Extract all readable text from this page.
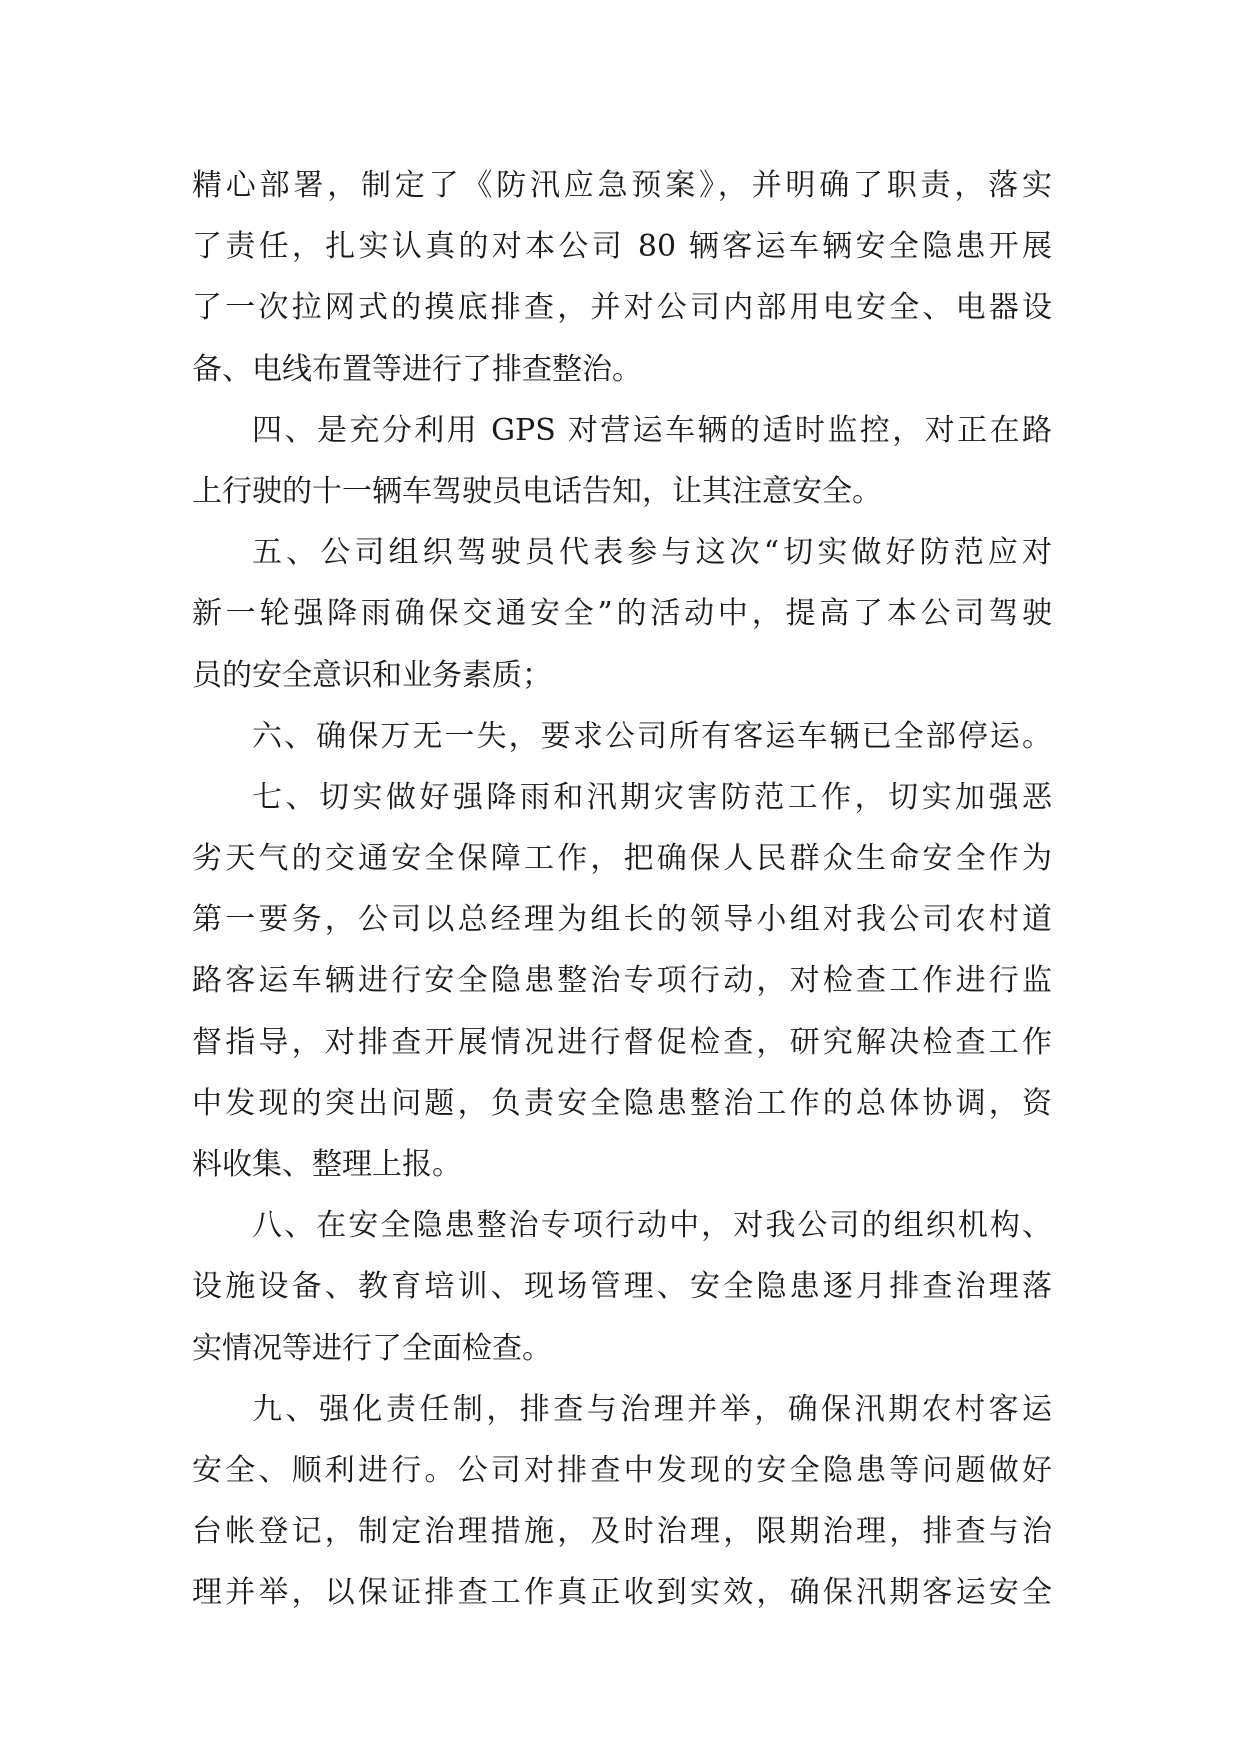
精心部署，制定了《防汛应急预案》，并明确了职责，落实
了责任，扎实认真的对本公司 80 辆客运车辆安全隐患开展
了一次拉网式的摸底排查，并对公司内部用电安全、电器设
备、电线布置等进行了排查整治。
四、是充分利用 GPS 对营运车辆的适时监控，对正在路
上行驶的十一辆车驾驶员电话告知，让其注意安全。
五、公司组织驾驶员代表参与这次“切实做好防范应对
新一轮强降雨确保交通安全”的活动中，提高了本公司驾驶
员的安全意识和业务素质；
六、确保万无一失，要求公司所有客运车辆已全部停运。
七、切实做好强降雨和汛期灾害防范工作，切实加强恶
劣天气的交通安全保障工作，把确保人民群众生命安全作为
第一要务，公司以总经理为组长的领导小组对我公司农村道
路客运车辆进行安全隐患整治专项行动，对检查工作进行监
督指导，对排查开展情况进行督促检查，研究解决检查工作
中发现的突出问题，负责安全隐患整治工作的总体协调，资
料收集、整理上报。
八、在安全隐患整治专项行动中，对我公司的组织机构、
设施设备、教育培训、现场管理、安全隐患逐月排查治理落
实情况等进行了全面检查。
九、强化责任制，排查与治理并举，确保汛期农村客运
安全、顺利进行。公司对排查中发现的安全隐患等问题做好
台帐登记，制定治理措施，及时治理，限期治理，排查与治
理并举，以保证排查工作真正收到实效，确保汛期客运安全
